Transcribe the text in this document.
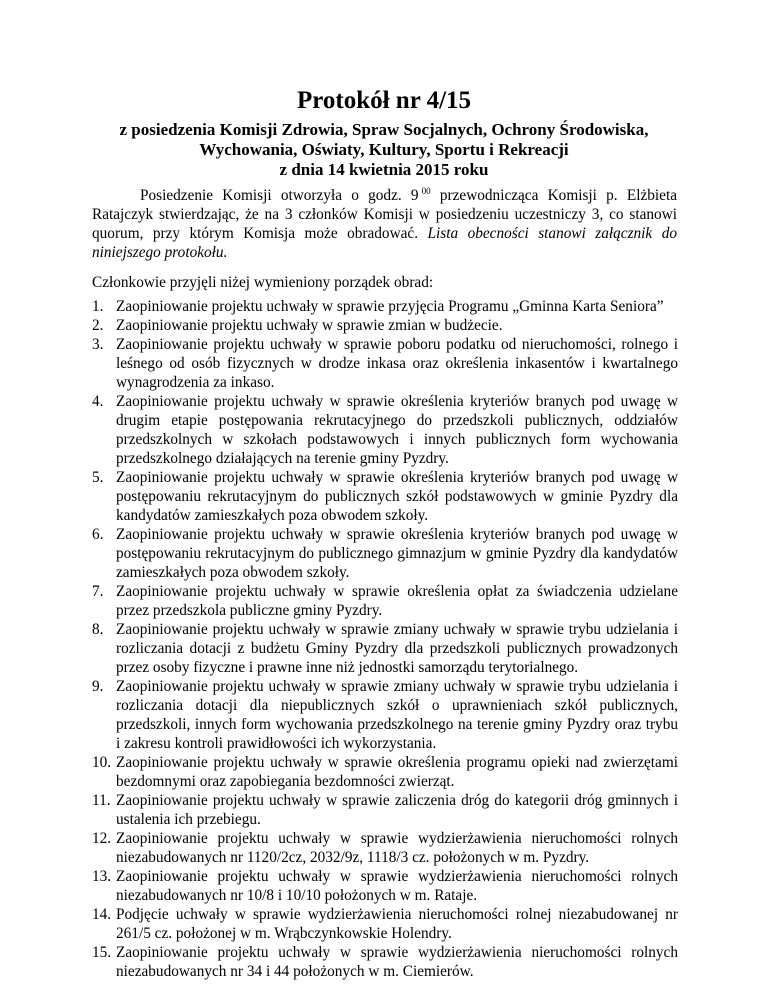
Protokół nr 4/15
z posiedzenia Komisji Zdrowia, Spraw Socjalnych, Ochrony Środowiska,
Wychowania, Oświaty, Kultury, Sportu i Rekreacji
z dnia 14 kwietnia 2015 roku

Posiedzenie Komisji otworzyła o godz. 9  $^{00}$ przewodnicząca Komisji p. Elżbieta Ratajczyk stwierdzając, że na 3 członków Komisji w posiedzeniu uczestniczy 3, co stanowi quorum, przy którym Komisja może obradować. Lista obecności stanowi załącznik do niniejszego protokołu.

Członkowie przyjęli niżej wymieniony porządek obrad:
1. Zaopiniowanie projektu uchwały w sprawie przyjęcia Programu „Gminna Karta Seniora”
2. Zaopiniowanie projektu uchwały w sprawie zmian w budżecie.
3. Zaopiniowanie projektu uchwały w sprawie poboru podatku od nieruchomości, rolnego i leśnego od osób fizycznych w drodze inkasa oraz określenia inkasentów i kwartalnego wynagrodzenia za inkaso.
4. Zaopiniowanie projektu uchwały w sprawie określenia kryteriów branych pod uwagę w drugim etapie postępowania rekrutacyjnego do przedszkoli publicznych, oddziałów przedszkolnych w szkołach podstawowych i innych publicznych form wychowania przedszkolnego działających na terenie gminy Pyzdry.
5. Zaopiniowanie projektu uchwały w sprawie określenia kryteriów branych pod uwagę w postępowaniu rekrutacyjnym do publicznych szkół podstawowych w gminie Pyzdry dla kandydatów zamieszkałych poza obwodem szkoły.
6. Zaopiniowanie projektu uchwały w sprawie określenia kryteriów branych pod uwagę w postępowaniu rekrutacyjnym do publicznego gimnazjum w gminie Pyzdry dla kandydatów zamieszkałych poza obwodem szkoły.
7. Zaopiniowanie projektu uchwały w sprawie określenia opłat za świadczenia udzielane przez przedszkola publiczne gminy Pyzdry.
8. Zaopiniowanie projektu uchwały w sprawie zmiany uchwały w sprawie trybu udzielania i rozliczania dotacji z budżetu Gminy Pyzdry dla przedszkoli publicznych prowadzonych przez osoby fizyczne i prawne inne niż jednostki samorządu terytorialnego.
9. Zaopiniowanie projektu uchwały w sprawie zmiany uchwały w sprawie trybu udzielania i rozliczania dotacji dla niepublicznych szkół o uprawnieniach szkół publicznych, przedszkoli, innych form wychowania przedszkolnego na terenie gminy Pyzdry oraz trybu i zakresu kontroli prawidłowości ich wykorzystania.
10. Zaopiniowanie projektu uchwały w sprawie określenia programu opieki nad zwierzętami bezdomnymi oraz zapobiegania bezdomności zwierząt.
11. Zaopiniowanie projektu uchwały w sprawie zaliczenia dróg do kategorii dróg gminnych i ustalenia ich przebiegu.
12. Zaopiniowanie projektu uchwały w sprawie wydzierżawienia nieruchomości rolnych niezabudowanych nr 1120/2cz, 2032/9z, 1118/3 cz. położonych w m. Pyzdry.
13. Zaopiniowanie projektu uchwały w sprawie wydzierżawienia nieruchomości rolnych niezabudowanych nr 10/8 i 10/10 położonych w m. Rataje.
14. Podjęcie uchwały w sprawie wydzierżawienia nieruchomości rolnej niezabudowanej nr 261/5 cz. położonej w m. Wrąbczynkowskie Holendry.
15. Zaopiniowanie projektu uchwały w sprawie wydzierżawienia nieruchomości rolnych niezabudowanych nr 34 i 44 położonych w m. Ciemierów.
